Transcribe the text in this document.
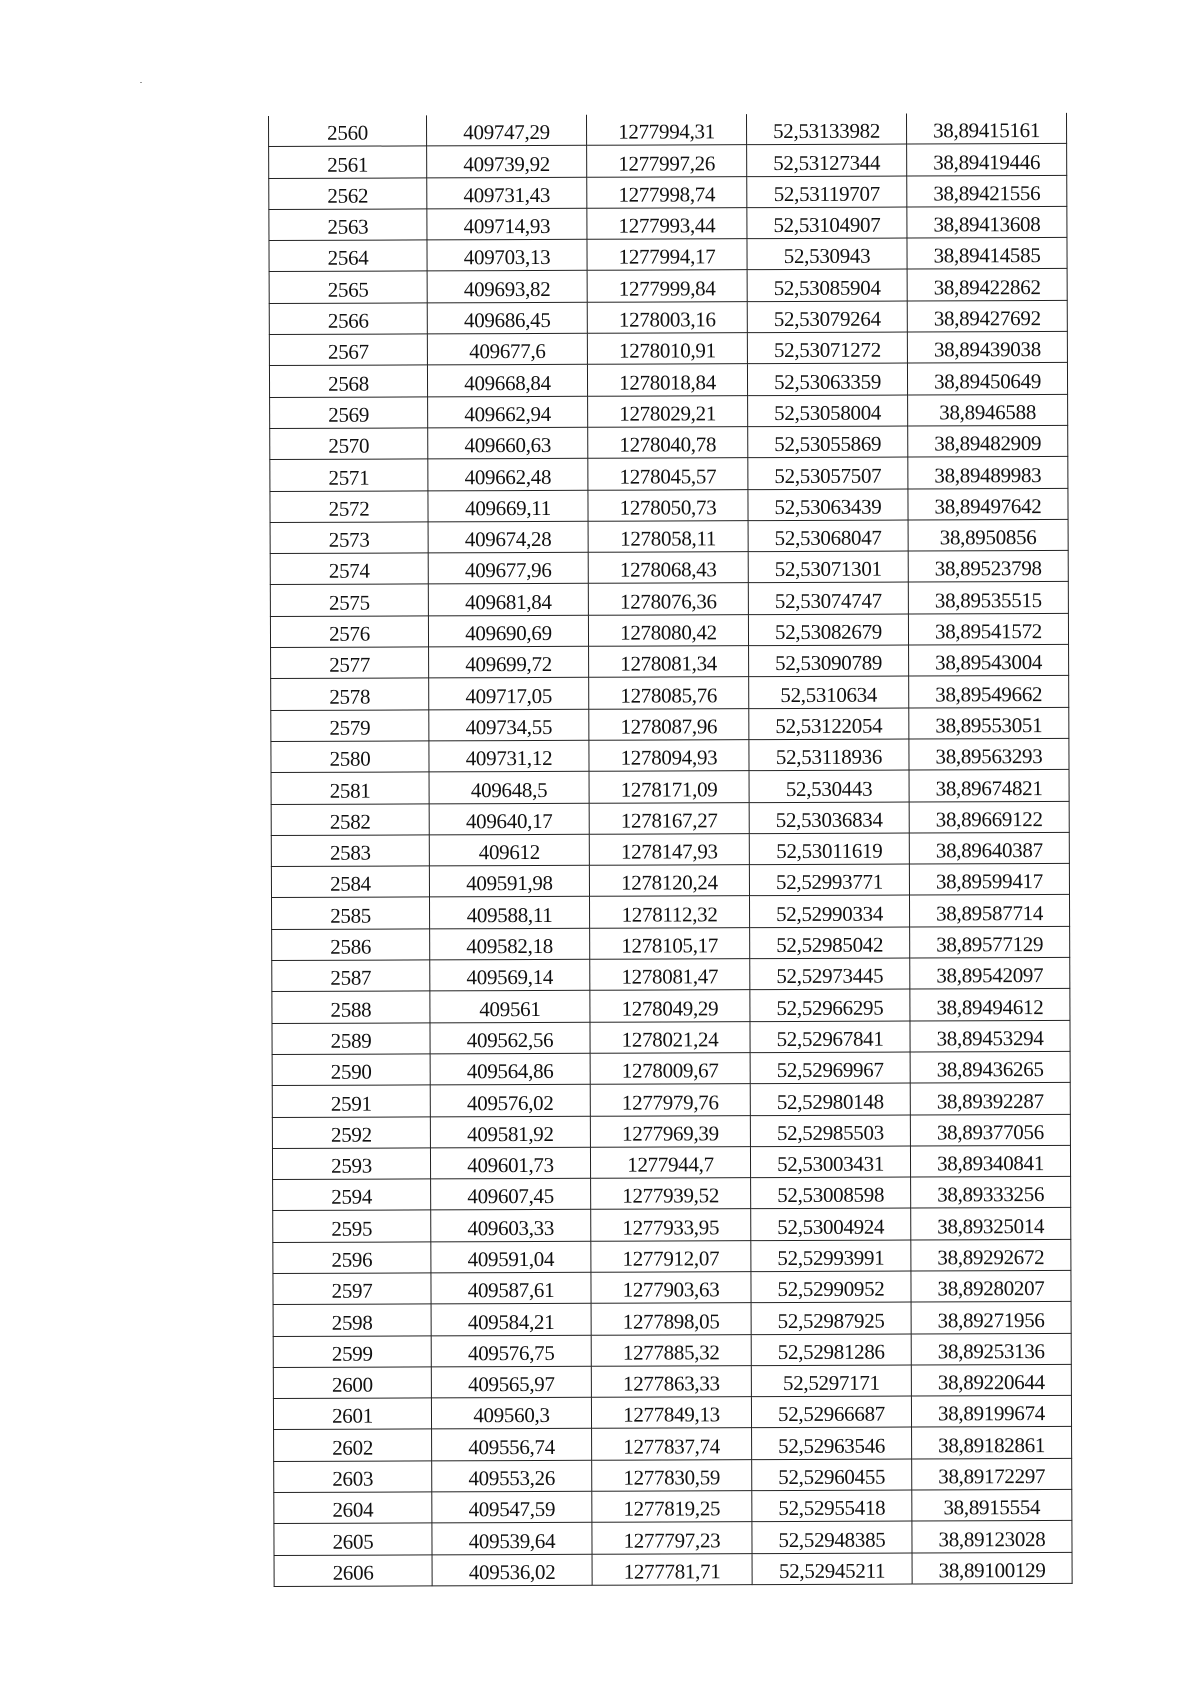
2560	409747,29	1277994,31	52,53133982	38,89415161
2561	409739,92	1277997,26	52,53127344	38,89419446
2562	409731,43	1277998,74	52,53119707	38,89421556
2563	409714,93	1277993,44	52,53104907	38,89413608
2564	409703,13	1277994,17	52,530943	38,89414585
2565	409693,82	1277999,84	52,53085904	38,89422862
2566	409686,45	1278003,16	52,53079264	38,89427692
2567	409677,6	1278010,91	52,53071272	38,89439038
2568	409668,84	1278018,84	52,53063359	38,89450649
2569	409662,94	1278029,21	52,53058004	38,8946588
2570	409660,63	1278040,78	52,53055869	38,89482909
2571	409662,48	1278045,57	52,53057507	38,89489983
2572	409669,11	1278050,73	52,53063439	38,89497642
2573	409674,28	1278058,11	52,53068047	38,8950856
2574	409677,96	1278068,43	52,53071301	38,89523798
2575	409681,84	1278076,36	52,53074747	38,89535515
2576	409690,69	1278080,42	52,53082679	38,89541572
2577	409699,72	1278081,34	52,53090789	38,89543004
2578	409717,05	1278085,76	52,5310634	38,89549662
2579	409734,55	1278087,96	52,53122054	38,89553051
2580	409731,12	1278094,93	52,53118936	38,89563293
2581	409648,5	1278171,09	52,530443	38,89674821
2582	409640,17	1278167,27	52,53036834	38,89669122
2583	409612	1278147,93	52,53011619	38,89640387
2584	409591,98	1278120,24	52,52993771	38,89599417
2585	409588,11	1278112,32	52,52990334	38,89587714
2586	409582,18	1278105,17	52,52985042	38,89577129
2587	409569,14	1278081,47	52,52973445	38,89542097
2588	409561	1278049,29	52,52966295	38,89494612
2589	409562,56	1278021,24	52,52967841	38,89453294
2590	409564,86	1278009,67	52,52969967	38,89436265
2591	409576,02	1277979,76	52,52980148	38,89392287
2592	409581,92	1277969,39	52,52985503	38,89377056
2593	409601,73	1277944,7	52,53003431	38,89340841
2594	409607,45	1277939,52	52,53008598	38,89333256
2595	409603,33	1277933,95	52,53004924	38,89325014
2596	409591,04	1277912,07	52,52993991	38,89292672
2597	409587,61	1277903,63	52,52990952	38,89280207
2598	409584,21	1277898,05	52,52987925	38,89271956
2599	409576,75	1277885,32	52,52981286	38,89253136
2600	409565,97	1277863,33	52,5297171	38,89220644
2601	409560,3	1277849,13	52,52966687	38,89199674
2602	409556,74	1277837,74	52,52963546	38,89182861
2603	409553,26	1277830,59	52,52960455	38,89172297
2604	409547,59	1277819,25	52,52955418	38,8915554
2605	409539,64	1277797,23	52,52948385	38,89123028
2606	409536,02	1277781,71	52,52945211	38,89100129
